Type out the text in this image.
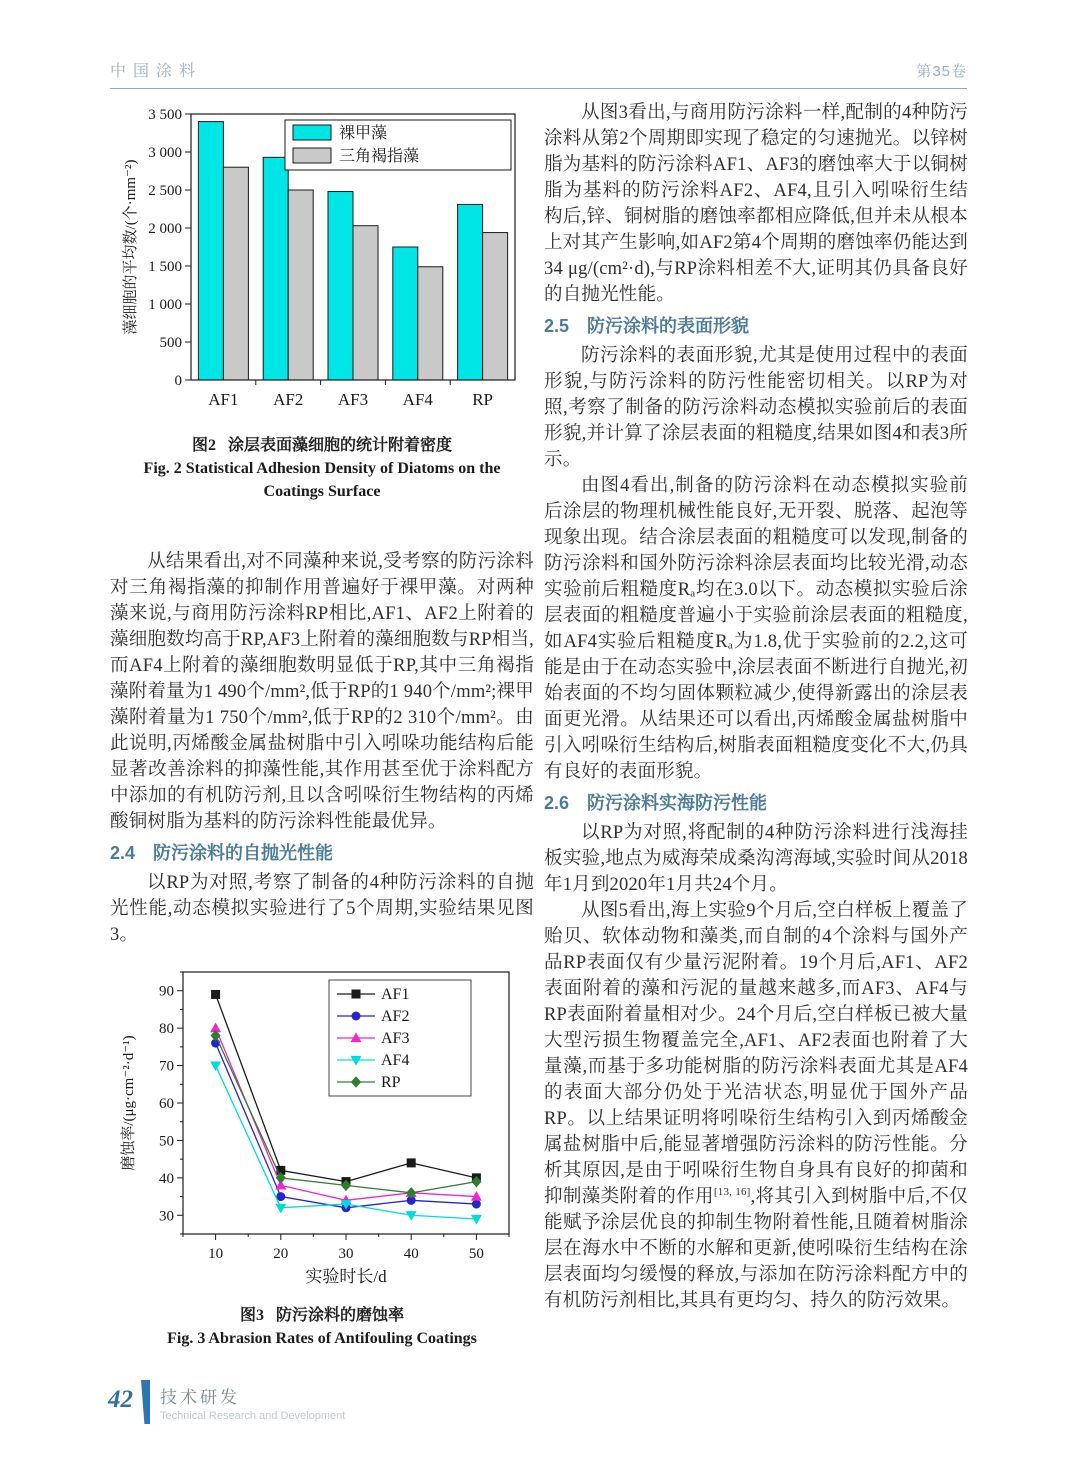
中国涂料	第35卷
0
500
1 000
1 500
2 000
2 500
3 000
3 500
AF1 AF2 AF3 AF4 RP
裸甲藻
三角褐指藻
藻细胞的平均数/(个·mm⁻²)
图2 涂层表面藻细胞的统计附着密度
Fig. 2 Statistical Adhesion Density of Diatoms on the Coatings Surface

从结果看出,对不同藻种来说,受考察的防污涂料对三角褐指藻的抑制作用普遍好于裸甲藻。对两种藻来说,与商用防污涂料RP相比,AF1、AF2上附着的藻细胞数均高于RP,AF3上附着的藻细胞数与RP相当,而AF4上附着的藻细胞数明显低于RP,其中三角褐指藻附着量为1 490个/mm²,低于RP的1 940个/mm²;裸甲藻附着量为1 750个/mm²,低于RP的2 310个/mm²。由此说明,丙烯酸金属盐树脂中引入吲哚功能结构后能显著改善涂料的抑藻性能,其作用甚至优于涂料配方中添加的有机防污剂,且以含吲哚衍生物结构的丙烯酸铜树脂为基料的防污涂料性能最优异。

2.4　防污涂料的自抛光性能

以RP为对照,考察了制备的4种防污涂料的自抛光性能,动态模拟实验进行了5个周期,实验结果见图3。

10	20	30	40	50
30
40
50
60
70
80
90	AF1
AF2
AF3
AF4
RP
实验时长/d
磨蚀率/(μg·cm⁻²·d⁻¹)
图3 防污涂料的磨蚀率
Fig. 3 Abrasion Rates of Antifouling Coatings

从图3看出,与商用防污涂料一样,配制的4种防污涂料从第2个周期即实现了稳定的匀速抛光。以锌树脂为基料的防污涂料AF1、AF3的磨蚀率大于以铜树脂为基料的防污涂料AF2、AF4,且引入吲哚衍生结构后,锌、铜树脂的磨蚀率都相应降低,但并未从根本上对其产生影响,如AF2第4个周期的磨蚀率仍能达到34 μg/(cm²·d),与RP涂料相差不大,证明其仍具备良好的自抛光性能。

2.5　防污涂料的表面形貌

防污涂料的表面形貌,尤其是使用过程中的表面形貌,与防污涂料的防污性能密切相关。以RP为对照,考察了制备的防污涂料动态模拟实验前后的表面形貌,并计算了涂层表面的粗糙度,结果如图4和表3所示。

由图4看出,制备的防污涂料在动态模拟实验前后涂层的物理机械性能良好,无开裂、脱落、起泡等现象出现。结合涂层表面的粗糙度可以发现,制备的防污涂料和国外防污涂料涂层表面均比较光滑,动态实验前后粗糙度Rₐ均在3.0以下。动态模拟实验后涂层表面的粗糙度普遍小于实验前涂层表面的粗糙度,如AF4实验后粗糙度Rₐ为1.8,优于实验前的2.2,这可能是由于在动态实验中,涂层表面不断进行自抛光,初始表面的不均匀固体颗粒减少,使得新露出的涂层表面更光滑。从结果还可以看出,丙烯酸金属盐树脂中引入吲哚衍生结构后,树脂表面粗糙度变化不大,仍具有良好的表面形貌。

2.6　防污涂料实海防污性能

以RP为对照,将配制的4种防污涂料进行浅海挂板实验,地点为威海荣成桑沟湾海域,实验时间从2018年1月到2020年1月共24个月。

从图5看出,海上实验9个月后,空白样板上覆盖了贻贝、软体动物和藻类,而自制的4个涂料与国外产品RP表面仅有少量污泥附着。19个月后,AF1、AF2表面附着的藻和污泥的量越来越多,而AF3、AF4与RP表面附着量相对少。24个月后,空白样板已被大量大型污损生物覆盖完全,AF1、AF2表面也附着了大量藻,而基于多功能树脂的防污涂料表面尤其是AF4的表面大部分仍处于光洁状态,明显优于国外产品RP。以上结果证明将吲哚衍生结构引入到丙烯酸金属盐树脂中后,能显著增强防污涂料的防污性能。分析其原因,是由于吲哚衍生物自身具有良好的抑菌和抑制藻类附着的作用[13, 16],将其引入到树脂中后,不仅能赋予涂层优良的抑制生物附着性能,且随着树脂涂层在海水中不断的水解和更新,使吲哚衍生结构在涂层表面均匀缓慢的释放,与添加在防污涂料配方中的有机防污剂相比,其具有更均匀、持久的防污效果。

42 技术研发
Technical Research and Development
